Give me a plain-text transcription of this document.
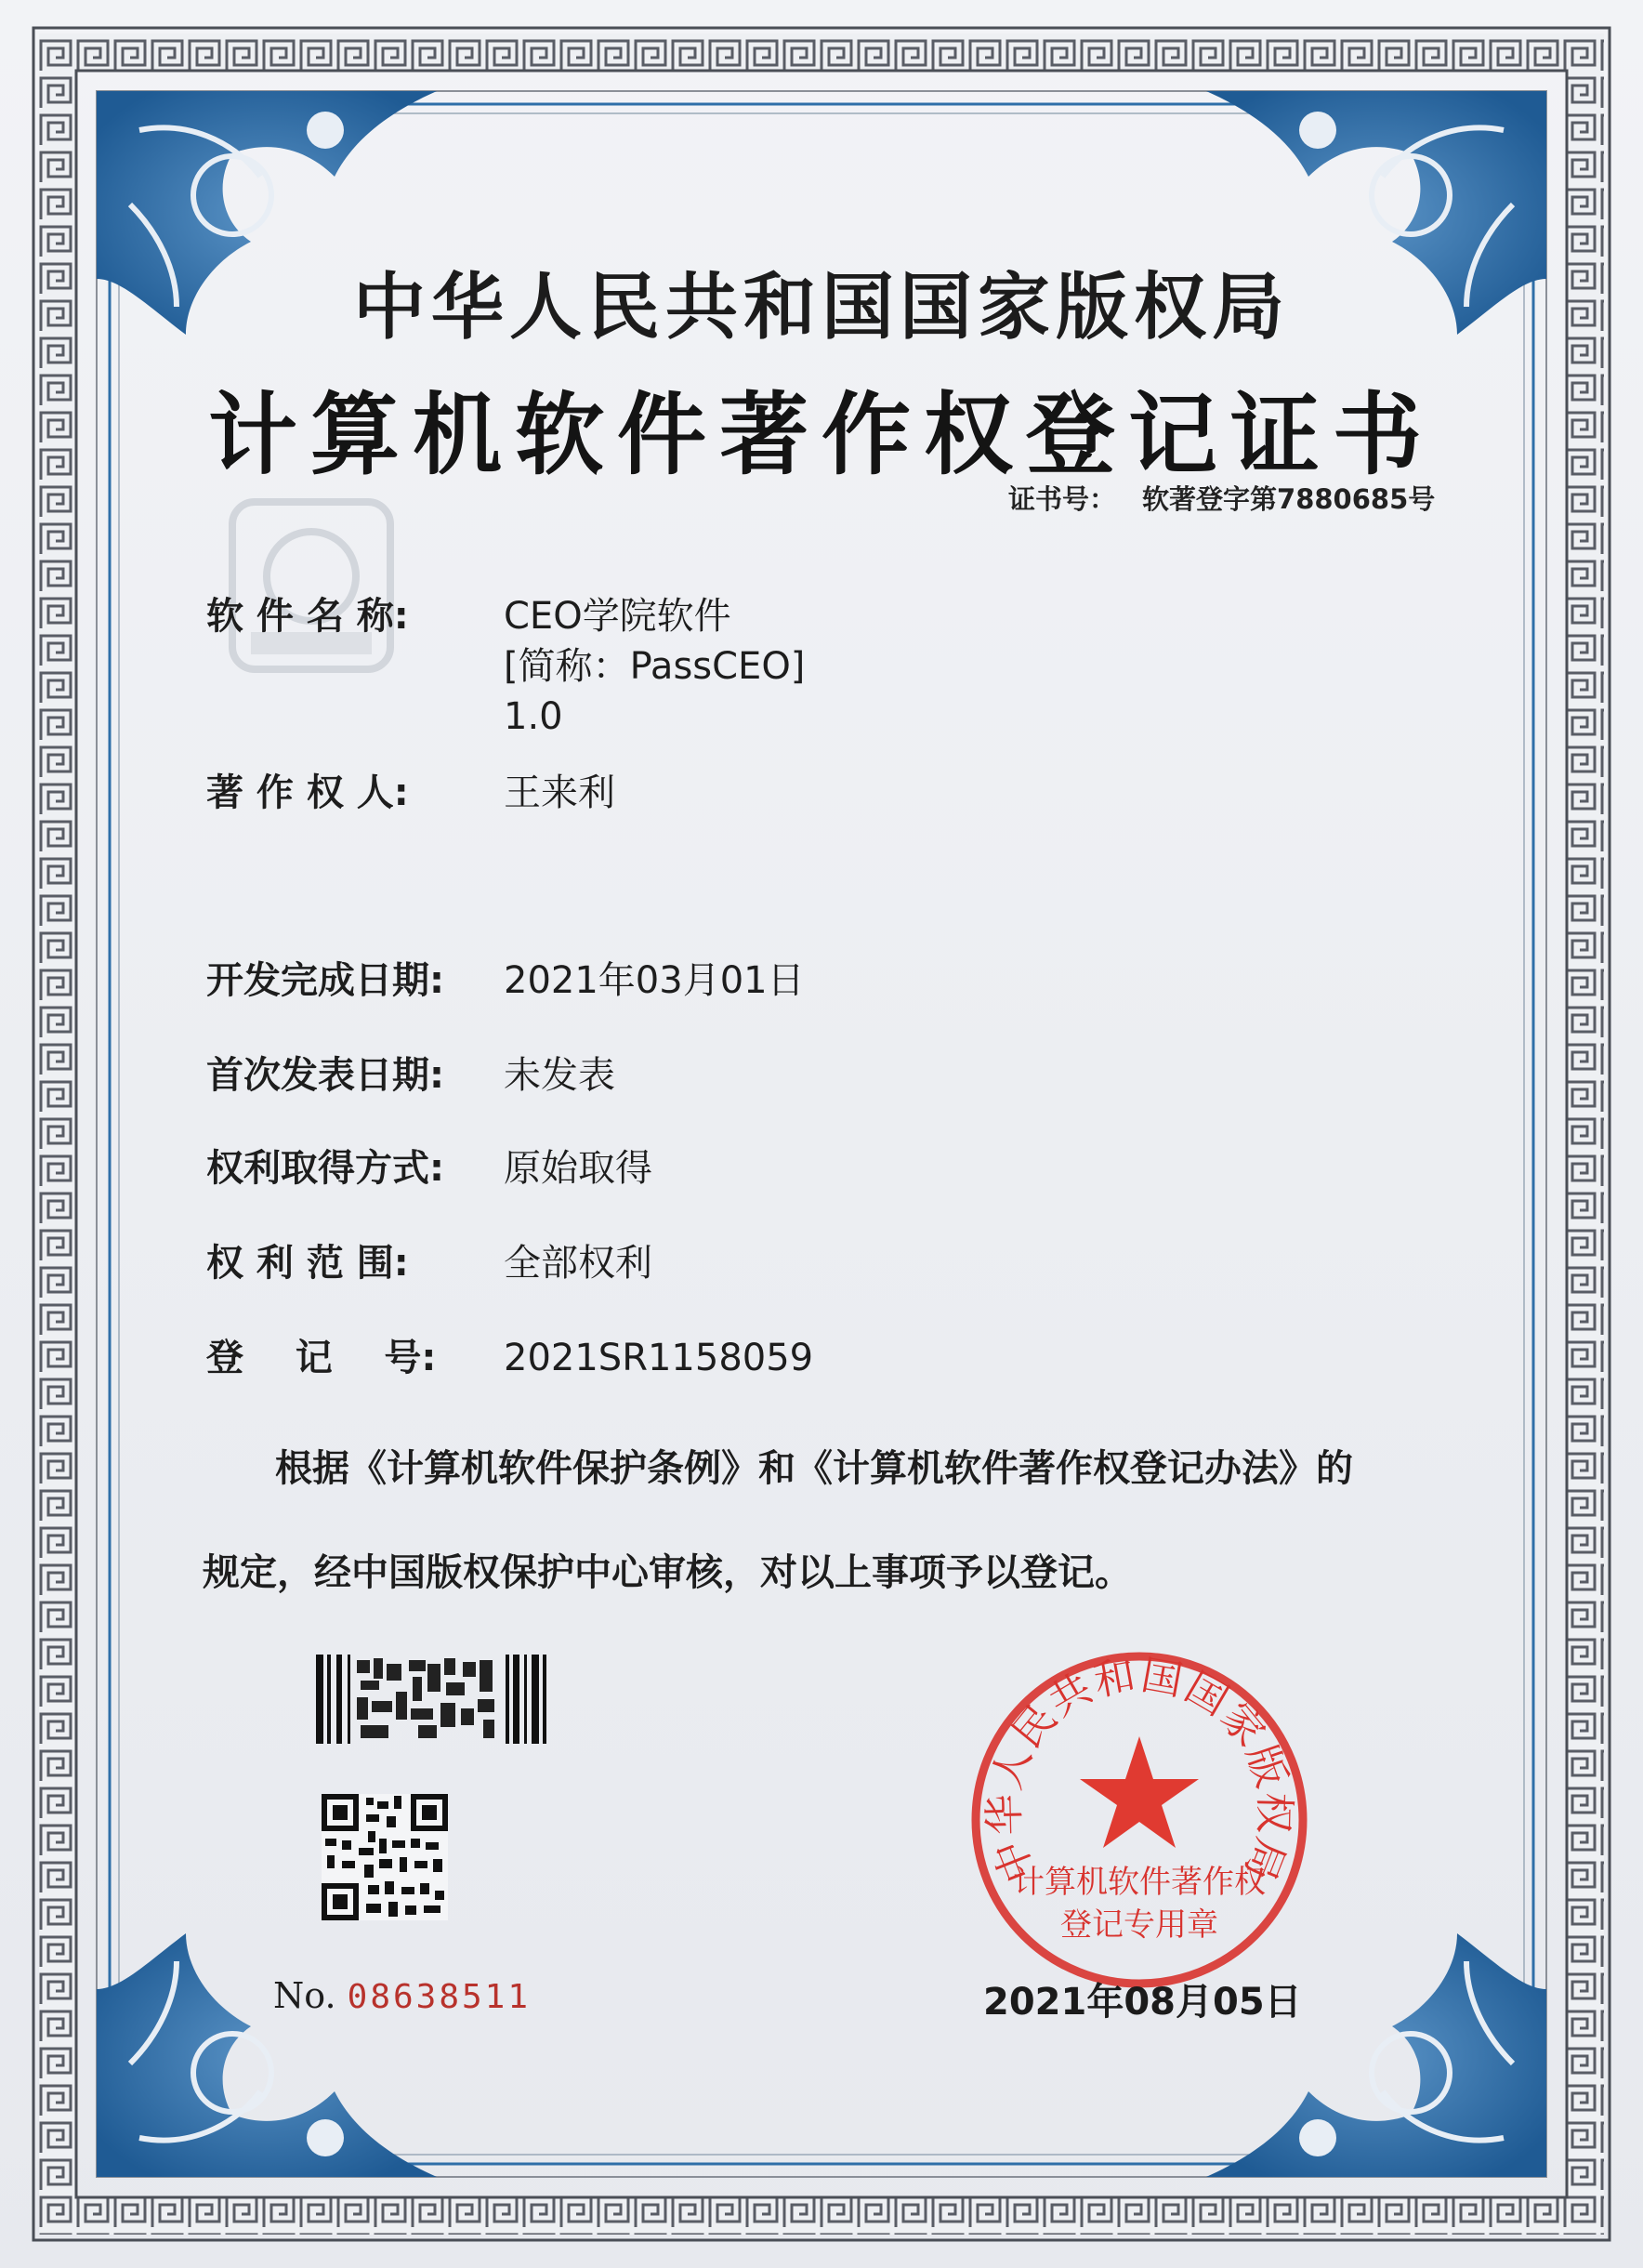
中华人民共和国国家版权局
计算机软件著作权登记证书
证书号： 软著登字第7880685号
软 件 名 称:	CEO学院软件
[简称：PassCEO]
1.0
著 作 权 人:	王来利
开发完成日期: 2021年03月01日
首次发表日期: 未发表
权利取得方式: 原始取得
权 利 范 围:	全部权利
登    记    号: 2021SR1158059
根据《计算机软件保护条例》和《计算机软件著作权登记办法》的
规定，经中国版权保护中心审核，对以上事项予以登记。
中华人民共和国国家版权局
计算机软件著作权
登记专用章
No. 08638511	2021年08月05日
